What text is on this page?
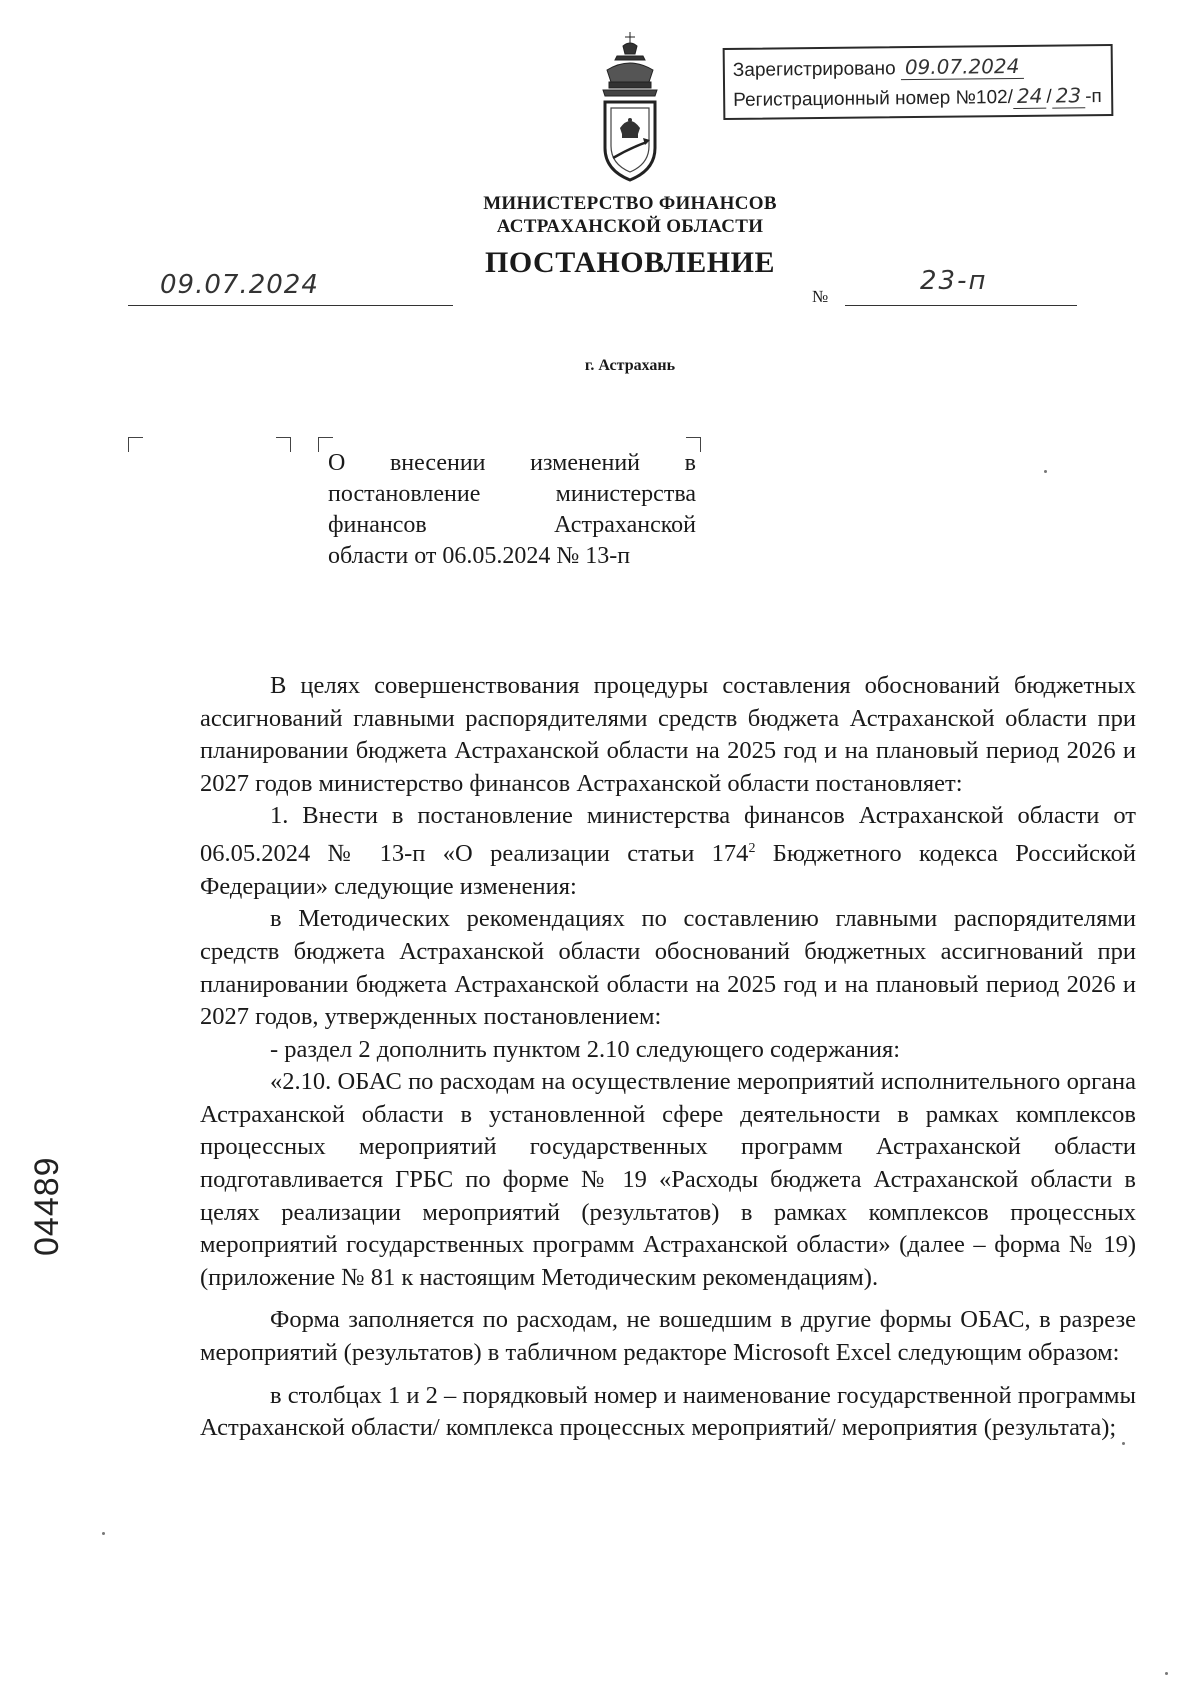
Зарегистрировано 09.07.2024
Регистрационный номер №102/ 24 / 23 -п
МИНИСТЕРСТВО ФИНАНСОВ
АСТРАХАНСКОЙ ОБЛАСТИ
ПОСТАНОВЛЕНИЕ
09.07.2024	№
23-п
г. Астрахань
О внесении изменений в
постановление министерства
финансов Астраханской
области от 06.05.2024 № 13-п

В целях совершенствования процедуры составления обоснований бюджетных ассигнований главными распорядителями средств бюджета Астраханской области при планировании бюджета Астраханской области на 2025 год и на плановый период 2026 и 2027 годов министерство финансов Астраханской области постановляет:

1. Внести в постановление министерства финансов Астраханской области от 06.05.2024 № 13-п «О реализации статьи $174^2$ Бюджетного кодекса Российской Федерации» следующие изменения:

в Методических рекомендациях по составлению главными распорядителями средств бюджета Астраханской области обоснований бюджетных ассигнований при планировании бюджета Астраханской области на 2025 год и на плановый период 2026 и 2027 годов, утвержденных постановлением:

- раздел 2 дополнить пунктом 2.10 следующего содержания:

«2.10. ОБАС по расходам на осуществление мероприятий исполнительного органа Астраханской области в установленной сфере деятельности в рамках комплексов процессных мероприятий государственных программ Астраханской области подготавливается ГРБС по форме № 19 «Расходы бюджета Астраханской области в целях реализации мероприятий (результатов) в рамках комплексов процессных мероприятий государственных программ Астраханской области» (далее – форма № 19) (приложение № 81 к настоящим Методическим рекомендациям).

Форма заполняется по расходам, не вошедшим в другие формы ОБАС, в разрезе мероприятий (результатов) в табличном редакторе Microsoft Excel следующим образом:

в столбцах 1 и 2 – порядковый номер и наименование государственной программы Астраханской области/ комплекса процессных мероприятий/ мероприятия (результата);

04489
